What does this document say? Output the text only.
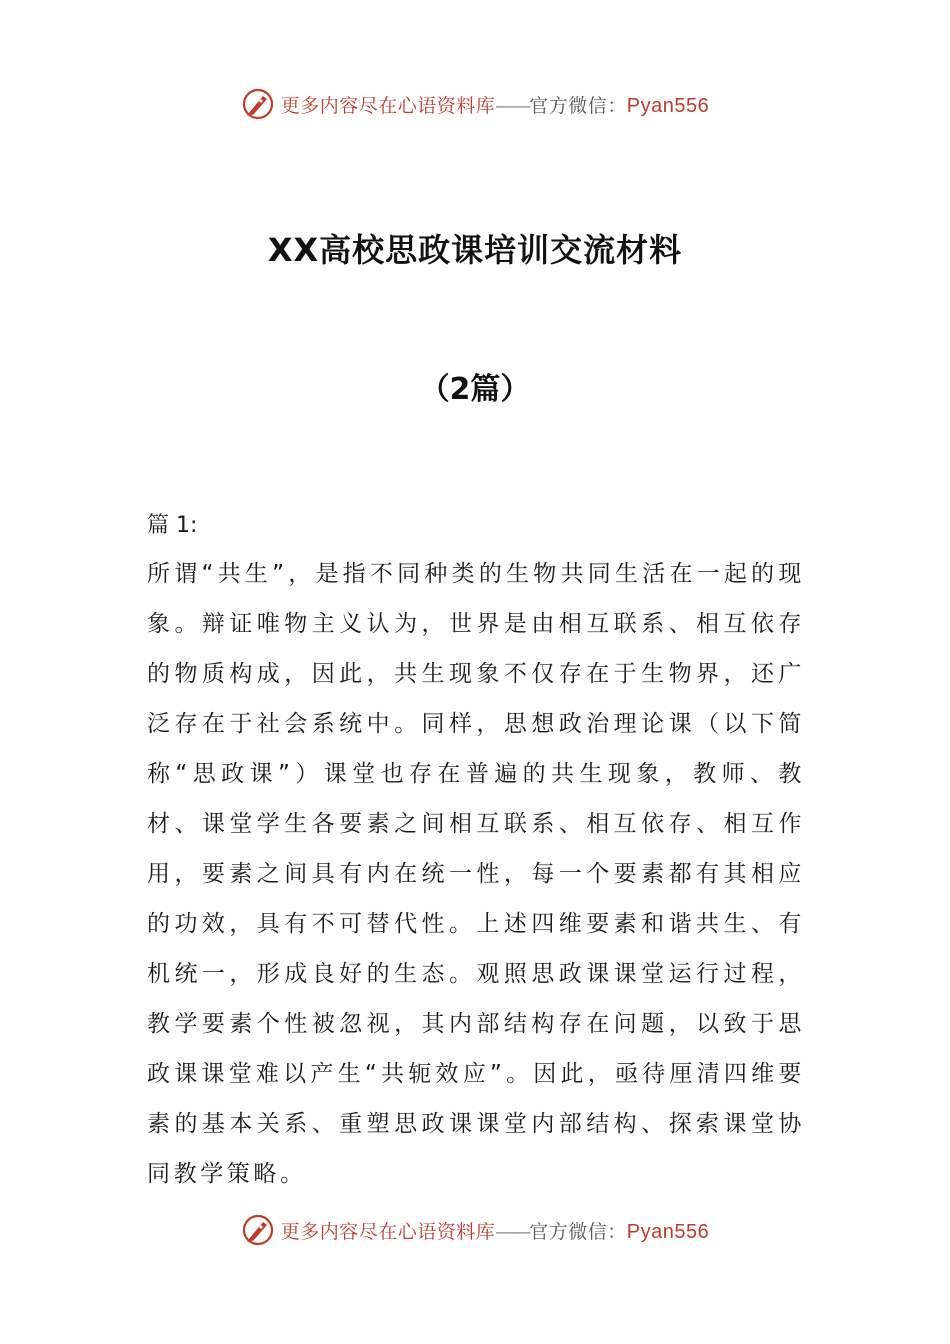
更多内容尽在心语资料库——官方微信：Pyan556
XX高校思政课培训交流材料
（2篇）
篇 1:
所谓“共生”，是指不同种类的生物共同生活在一起的现象。辩证唯物主义认为，世界是由相互联系、相互依存的物质构成，因此，共生现象不仅存在于生物界，还广泛存在于社会系统中。同样，思想政治理论课（以下简称“思政课”）课堂也存在普遍的共生现象，教师、教材、课堂学生各要素之间相互联系、相互依存、相互作用，要素之间具有内在统一性，每一个要素都有其相应的功效，具有不可替代性。上述四维要素和谐共生、有机统一，形成良好的生态。观照思政课课堂运行过程，教学要素个性被忽视，其内部结构存在问题，以致于思政课课堂难以产生“共轭效应”。因此，亟待厘清四维要素的基本关系、重塑思政课课堂内部结构、探索课堂协同教学策略。
更多内容尽在心语资料库——官方微信：Pyan556
